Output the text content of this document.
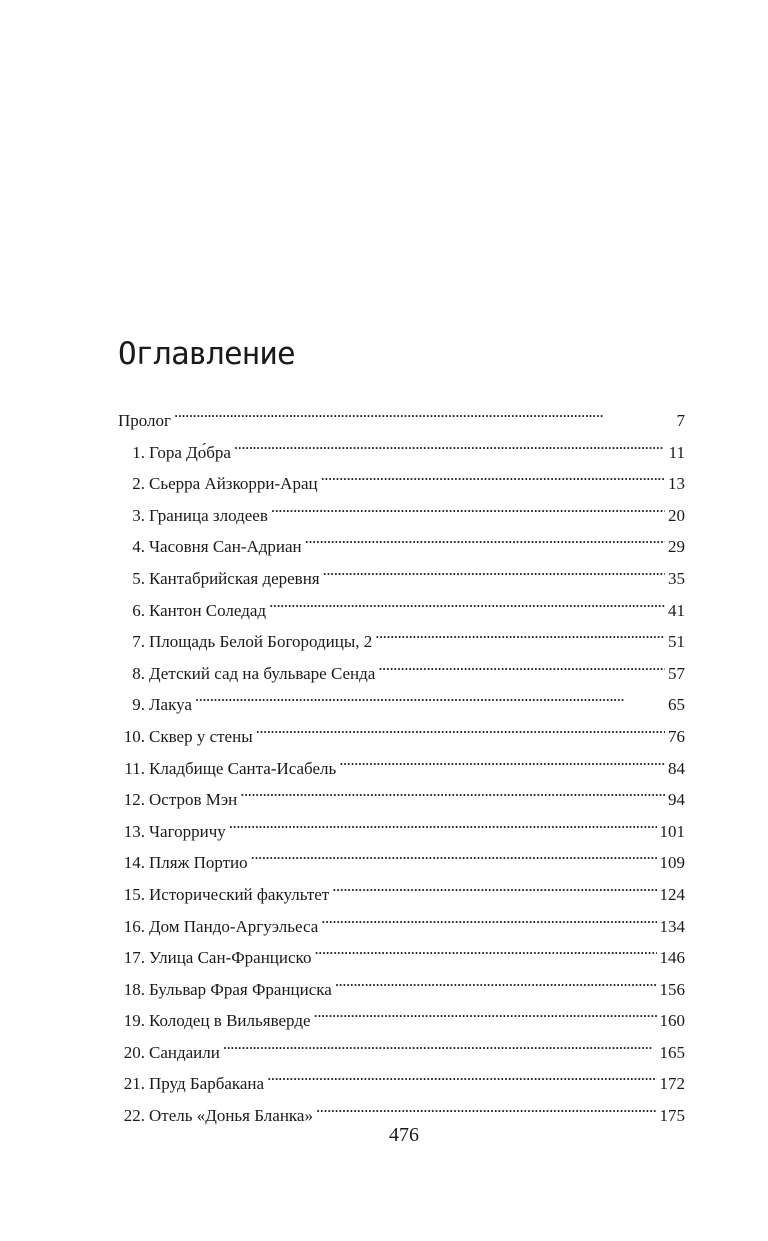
Оглавление
Пролог . . .	7
1. Гора До́бра . . .	11
2. Сьерра Айзкорри-Арац . . .	13
3. Граница злодеев . . .	20
4. Часовня Сан-Адриан . . .	29
5. Кантабрийская деревня . . .	35
6. Кантон Соледад . . .	41
7. Площадь Белой Богородицы, 2 . . .	51
8. Детский сад на бульваре Сенда . . .	57
9. Лакуа . . .	65
10. Сквер у стены . . .	76
11. Кладбище Санта-Исабель . . .	84
12. Остров Мэн . . .	94
13. Чагорричу . . .	101
14. Пляж Портио . . .	109
15. Исторический факультет . . .	124
16. Дом Пандо-Аргуэльеса . . .	134
17. Улица Сан-Франциско . . .	146
18. Бульвар Фрая Франциска . . .	156
19. Колодец в Вильяверде . . .	160
20. Сандаили . . .	165
21. Пруд Барбакана . . .	172
22. Отель «Донья Бланка» . . .	175
476
